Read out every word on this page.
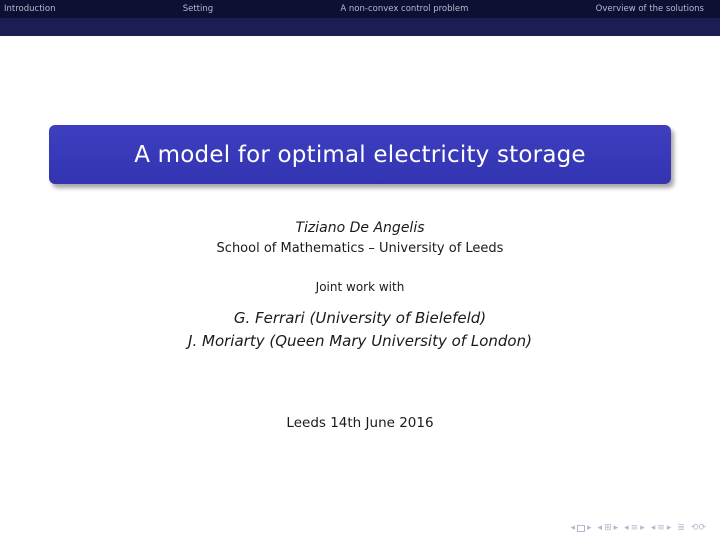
Introduction	Setting	A non-convex control problem	Overview of the solutions
A model for optimal electricity storage
Tiziano De Angelis
School of Mathematics – University of Leeds
Joint work with
G. Ferrari (University of Bielefeld)
J. Moriarty (Queen Mary University of London)
Leeds 14th June 2016
◂ ▸ ◂ ⊞ ▸ ◂ ≡ ▸ ◂ ≡ ▸ ≣ ⟲⟳
